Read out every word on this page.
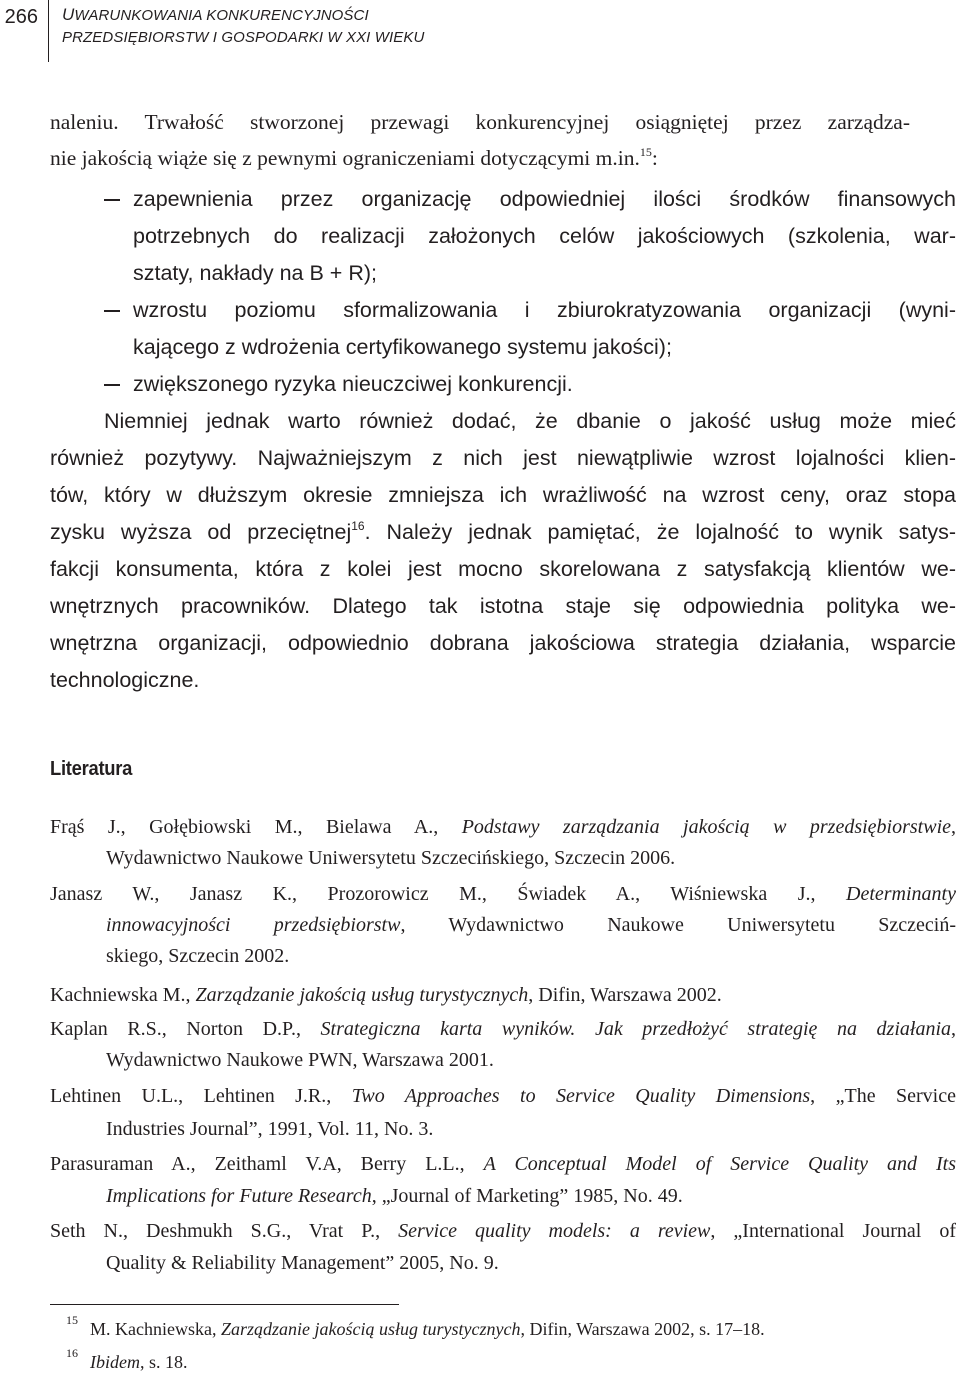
266 UWARUNKOWANIA KONKURENCYJNOŚCI
PRZEDSIĘBIORSTW I GOSPODARKI W XXI WIEKU
naleniu. Trwałość stworzonej przewagi konkurencyjnej osiągniętej przez zarządza-
nie jakością wiąże się z pewnymi ograniczeniami dotyczącymi m.in.$^{15}$:
zapewnienia przez organizację odpowiedniej ilości środków finansowych
potrzebnych do realizacji założonych celów jakościowych (szkolenia, war-
sztaty, nakłady na B + R);
wzrostu poziomu sformalizowania i zbiurokratyzowania organizacji (wyni-
kającego z wdrożenia certyfikowanego systemu jakości);
zwiększonego ryzyka nieuczciwej konkurencji.
Niemniej jednak warto również dodać, że dbanie o jakość usług może mieć
również pozytywy. Najważniejszym z nich jest niewątpliwie wzrost lojalności klien-
tów, który w dłuższym okresie zmniejsza ich wrażliwość na wzrost ceny, oraz stopa
zysku wyższa od przeciętnej$^{16}$. Należy jednak pamiętać, że lojalność to wynik satys-
fakcji konsumenta, która z kolei jest mocno skorelowana z satysfakcją klientów we-
wnętrznych pracowników. Dlatego tak istotna staje się odpowiednia polityka we-
wnętrzna organizacji, odpowiednio dobrana jakościowa strategia działania, wsparcie
technologiczne.
Literatura
Frąś J., Gołębiowski M., Bielawa A., Podstawy zarządzania jakością w przedsiębiorstwie,
Wydawnictwo Naukowe Uniwersytetu Szczecińskiego, Szczecin 2006.
Janasz W., Janasz K., Prozorowicz M., Świadek A., Wiśniewska J., Determinanty
innowacyjności przedsiębiorstw, Wydawnictwo Naukowe Uniwersytetu Szczeciń-
skiego, Szczecin 2002.
Kachniewska M., Zarządzanie jakością usług turystycznych, Difin, Warszawa 2002.
Kaplan R.S., Norton D.P., Strategiczna karta wyników. Jak przedłożyć strategię na działania,
Wydawnictwo Naukowe PWN, Warszawa 2001.
Lehtinen U.L., Lehtinen J.R., Two Approaches to Service Quality Dimensions, „The Service
Industries Journal”, 1991, Vol. 11, No. 3.
Parasuraman A., Zeithaml V.A, Berry L.L., A Conceptual Model of Service Quality and Its
Implications for Future Research, „Journal of Marketing” 1985, No. 49.
Seth N., Deshmukh S.G., Vrat P., Service quality models: a review, „International Journal of
Quality & Reliability Management” 2005, No. 9.
15 M. Kachniewska, Zarządzanie jakością usług turystycznych, Difin, Warszawa 2002, s. 17–18.
16 Ibidem, s. 18.
